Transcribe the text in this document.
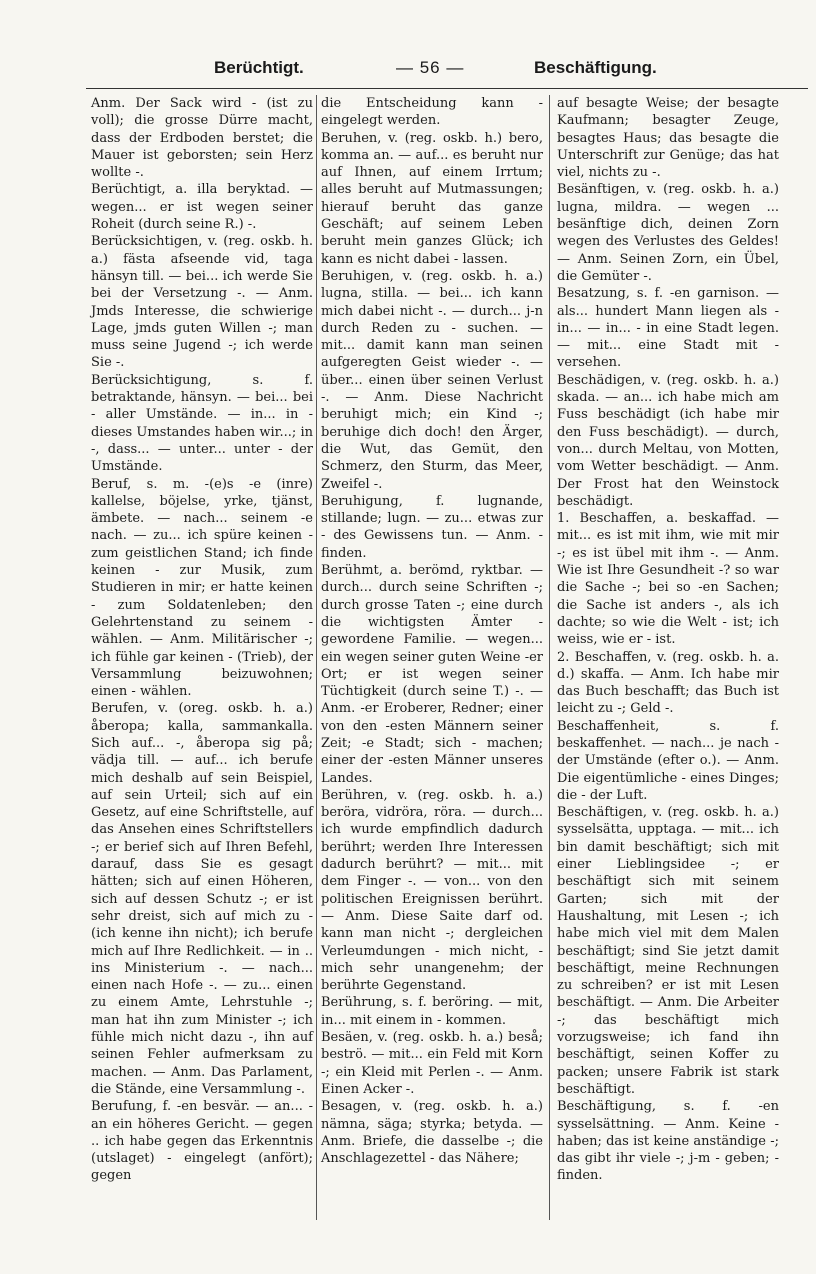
Berüchtigt.	— 56 —	Beschäftigung.

Anm. Der Sack wird - (ist zu voll); die grosse Dürre macht, dass der Erdboden berstet; die Mauer ist geborsten; sein Herz wollte -.

Berüchtigt, a. illa beryktad. — wegen... er ist wegen seiner Roheit (durch seine R.) -.

Berücksichtigen, v. (reg. oskb. h. a.) fästa afseende vid, taga hänsyn till. — bei... ich werde Sie bei der Versetzung -. — Anm. Jmds Interesse, die schwierige Lage, jmds guten Willen -; man muss seine Jugend -; ich werde Sie -.

Berücksichtigung, s. f. betraktande, hänsyn. — bei... bei - aller Umstände. — in... in - dieses Umstandes haben wir...; in -, dass... — unter... unter - der Umstände.

Beruf, s. m. -(e)s -e (inre) kallelse, böjelse, yrke, tjänst, ämbete. — nach... seinem -e nach. — zu... ich spüre keinen - zum geistlichen Stand; ich finde keinen - zur Musik, zum Studieren in mir; er hatte keinen - zum Soldatenleben; den Gelehrtenstand zu seinem - wählen. — Anm. Militärischer -; ich fühle gar keinen - (Trieb), der Versammlung beizuwohnen; einen - wählen.

Berufen, v. (oreg. oskb. h. a.) åberopa; kalla, sammankalla. Sich auf... -, åberopa sig på; vädja till. — auf... ich berufe mich deshalb auf sein Beispiel, auf sein Urteil; sich auf ein Gesetz, auf eine Schriftstelle, auf das Ansehen eines Schriftstellers -; er berief sich auf Ihren Befehl, darauf, dass Sie es gesagt hätten; sich auf einen Höheren, sich auf dessen Schutz -; er ist sehr dreist, sich auf mich zu - (ich kenne ihn nicht); ich berufe mich auf Ihre Redlichkeit. — in .. ins Ministerium -. — nach... einen nach Hofe -. — zu... einen zu einem Amte, Lehrstuhle -; man hat ihn zum Minister -; ich fühle mich nicht dazu -, ihn auf seinen Fehler aufmerksam zu machen. — Anm. Das Parlament, die Stände, eine Versammlung -.

Berufung, f. -en besvär. — an... - an ein höheres Gericht. — gegen .. ich habe gegen das Erkenntnis (utslaget) - eingelegt (anfört); gegen

die Entscheidung kann - eingelegt werden.

Beruhen, v. (reg. oskb. h.) bero, komma an. — auf... es beruht nur auf Ihnen, auf einem Irrtum; alles beruht auf Mutmassungen; hierauf beruht das ganze Geschäft; auf seinem Leben beruht mein ganzes Glück; ich kann es nicht dabei - lassen.

Beruhigen, v. (reg. oskb. h. a.) lugna, stilla. — bei... ich kann mich dabei nicht -. — durch... j-n durch Reden zu - suchen. — mit... damit kann man seinen aufgeregten Geist wieder -. — über... einen über seinen Verlust -. — Anm. Diese Nachricht beruhigt mich; ein Kind -; beruhige dich doch! den Ärger, die Wut, das Gemüt, den Schmerz, den Sturm, das Meer, Zweifel -.

Beruhigung, f. lugnande, stillande; lugn. — zu... etwas zur - des Gewissens tun. — Anm. - finden.

Berühmt, a. berömd, ryktbar. — durch... durch seine Schriften -; durch grosse Taten -; eine durch die wichtigsten Ämter - gewordene Familie. — wegen... ein wegen seiner guten Weine -er Ort; er ist wegen seiner Tüchtigkeit (durch seine T.) -. — Anm. -er Eroberer, Redner; einer von den -esten Männern seiner Zeit; -e Stadt; sich - machen; einer der -esten Männer unseres Landes.

Berühren, v. (reg. oskb. h. a.) beröra, vidröra, röra. — durch... ich wurde empfindlich dadurch berührt; werden Ihre Interessen dadurch berührt? — mit... mit dem Finger -. — von... von den politischen Ereignissen berührt. — Anm. Diese Saite darf od. kann man nicht -; dergleichen Verleumdungen - mich nicht, - mich sehr unangenehm; der berührte Gegenstand.

Berührung, s. f. beröring. — mit, in... mit einem in - kommen.

Besäen, v. (reg. oskb. h. a.) beså; beströ. — mit... ein Feld mit Korn -; ein Kleid mit Perlen -. — Anm. Einen Acker -.

Besagen, v. (reg. oskb. h. a.) nämna, säga; styrka; betyda. — Anm. Briefe, die dasselbe -; die Anschlagezettel - das Nähere;

auf besagte Weise; der besagte Kaufmann; besagter Zeuge, besagtes Haus; das besagte die Unterschrift zur Genüge; das hat viel, nichts zu -.

Besänftigen, v. (reg. oskb. h. a.) lugna, mildra. — wegen ... besänftige dich, deinen Zorn wegen des Verlustes des Geldes! — Anm. Seinen Zorn, ein Übel, die Gemüter -.

Besatzung, s. f. -en garnison. — als... hundert Mann liegen als - in... — in... - in eine Stadt legen. — mit... eine Stadt mit - versehen.

Beschädigen, v. (reg. oskb. h. a.) skada. — an... ich habe mich am Fuss beschädigt (ich habe mir den Fuss beschädigt). — durch, von... durch Meltau, von Motten, vom Wetter beschädigt. — Anm. Der Frost hat den Weinstock beschädigt.

1. Beschaffen, a. beskaffad. — mit... es ist mit ihm, wie mit mir -; es ist übel mit ihm -. — Anm. Wie ist Ihre Gesundheit -? so war die Sache -; bei so -en Sachen; die Sache ist anders -, als ich dachte; so wie die Welt - ist; ich weiss, wie er - ist.

2. Beschaffen, v. (reg. oskb. h. a. d.) skaffa. — Anm. Ich habe mir das Buch beschafft; das Buch ist leicht zu -; Geld -.

Beschaffenheit, s. f. beskaffenhet. — nach... je nach - der Umstände (efter o.). — Anm. Die eigentümliche - eines Dinges; die - der Luft.

Beschäftigen, v. (reg. oskb. h. a.) sysselsätta, upptaga. — mit... ich bin damit beschäftigt; sich mit einer Lieblingsidee -; er beschäftigt sich mit seinem Garten; sich mit der Haushaltung, mit Lesen -; ich habe mich viel mit dem Malen beschäftigt; sind Sie jetzt damit beschäftigt, meine Rechnungen zu schreiben? er ist mit Lesen beschäftigt. — Anm. Die Arbeiter -; das beschäftigt mich vorzugsweise; ich fand ihn beschäftigt, seinen Koffer zu packen; unsere Fabrik ist stark beschäftigt.

Beschäftigung, s. f. -en sysselsättning. — Anm. Keine - haben; das ist keine anständige -; das gibt ihr viele -; j-m - geben; - finden.
